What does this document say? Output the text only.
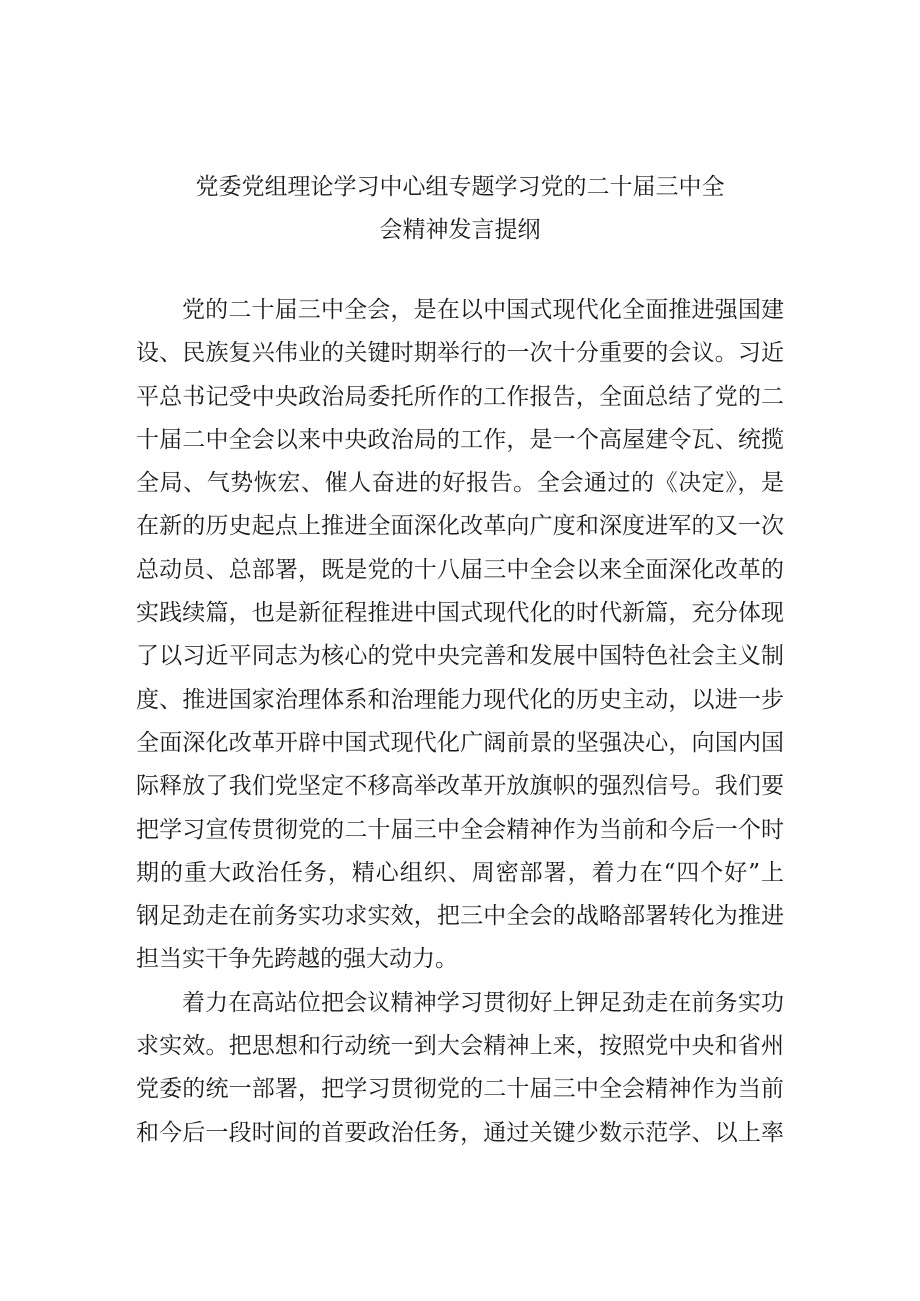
党委党组理论学习中心组专题学习党的二十届三中全
会精神发言提纲
党的二十届三中全会，是在以中国式现代化全面推进强国建
设、民族复兴伟业的关键时期举行的一次十分重要的会议。习近
平总书记受中央政治局委托所作的工作报告，全面总结了党的二
十届二中全会以来中央政治局的工作，是一个高屋建令瓦、统揽
全局、气势恢宏、催人奋进的好报告。全会通过的《决定》，是
在新的历史起点上推进全面深化改革向广度和深度进军的又一次
总动员、总部署，既是党的十八届三中全会以来全面深化改革的
实践续篇，也是新征程推进中国式现代化的时代新篇，充分体现
了以习近平同志为核心的党中央完善和发展中国特色社会主义制
度、推进国家治理体系和治理能力现代化的历史主动，以进一步
全面深化改革开辟中国式现代化广阔前景的坚强决心，向国内国
际释放了我们党坚定不移高举改革开放旗帜的强烈信号。我们要
把学习宣传贯彻党的二十届三中全会精神作为当前和今后一个时
期的重大政治任务，精心组织、周密部署，着力在“四个好”上
钢足劲走在前务实功求实效，把三中全会的战略部署转化为推进
担当实干争先跨越的强大动力。
着力在高站位把会议精神学习贯彻好上钾足劲走在前务实功
求实效。把思想和行动统一到大会精神上来，按照党中央和省州
党委的统一部署，把学习贯彻党的二十届三中全会精神作为当前
和今后一段时间的首要政治任务，通过关键少数示范学、以上率
